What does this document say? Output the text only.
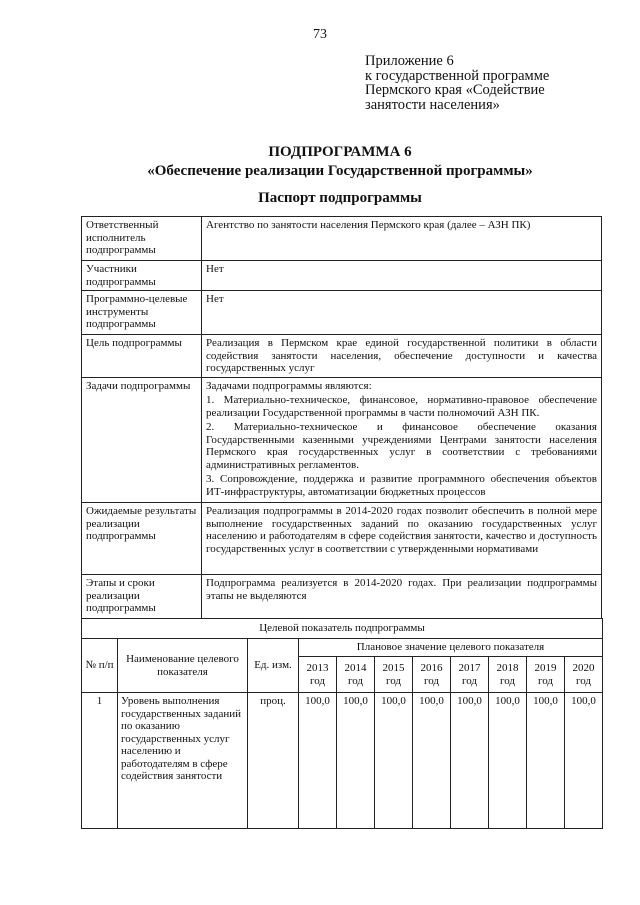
73
Приложение 6
к государственной программе
Пермского края «Содействие
занятости населения»
ПОДПРОГРАММА 6
«Обеспечение реализации Государственной программы»
Паспорт подпрограммы
Ответственный исполнитель подпрограммы	Агентство по занятости населения Пермского края (далее – АЗН ПК)
Участники подпрограммы	Нет
Программно-целевые инструменты подпрограммы	Нет
Цель подпрограммы	Реализация в Пермском крае единой государственной политики в области содействия занятости населения, обеспечение доступности и качества государственных услуг
Задачи подпрограммы	Задачами подпрограммы являются:

1. Материально-техническое, финансовое, нормативно-правовое обеспечение реализации Государственной программы в части полномочий АЗН ПК.

2. Материально-техническое и финансовое обеспечение оказания Государственными казенными учреждениями Центрами занятости населения Пермского края государственных услуг в соответствии с требованиями административных регламентов.

3. Сопровождение, поддержка и развитие программного обеспечения объектов ИТ-инфраструктуры, автоматизации бюджетных процессов

Ожидаемые результаты реализации подпрограммы	Реализация подпрограммы в 2014-2020 годах позволит обеспечить в полной мере выполнение государственных заданий по оказанию государственных услуг населению и работодателям в сфере содействия занятости, качество и доступность государственных услуг в соответствии с утвержденными нормативами
Этапы и сроки реализации подпрограммы	Подпрограмма реализуется в 2014-2020 годах. При реализации подпрограммы этапы не выделяются
Целевой показатель подпрограммы										
№ п/п	Наименование целевого показателя	Ед. изм.	Плановое значение целевого показателя							
			2013 год	2014 год	2015 год	2016 год	2017 год	2018 год	2019 год	2020 год
1	Уровень выполнения государственных заданий по оказанию государственных услуг населению и работодателям в сфере содействия занятости	проц.	100,0	100,0	100,0	100,0	100,0	100,0	100,0	100,0
